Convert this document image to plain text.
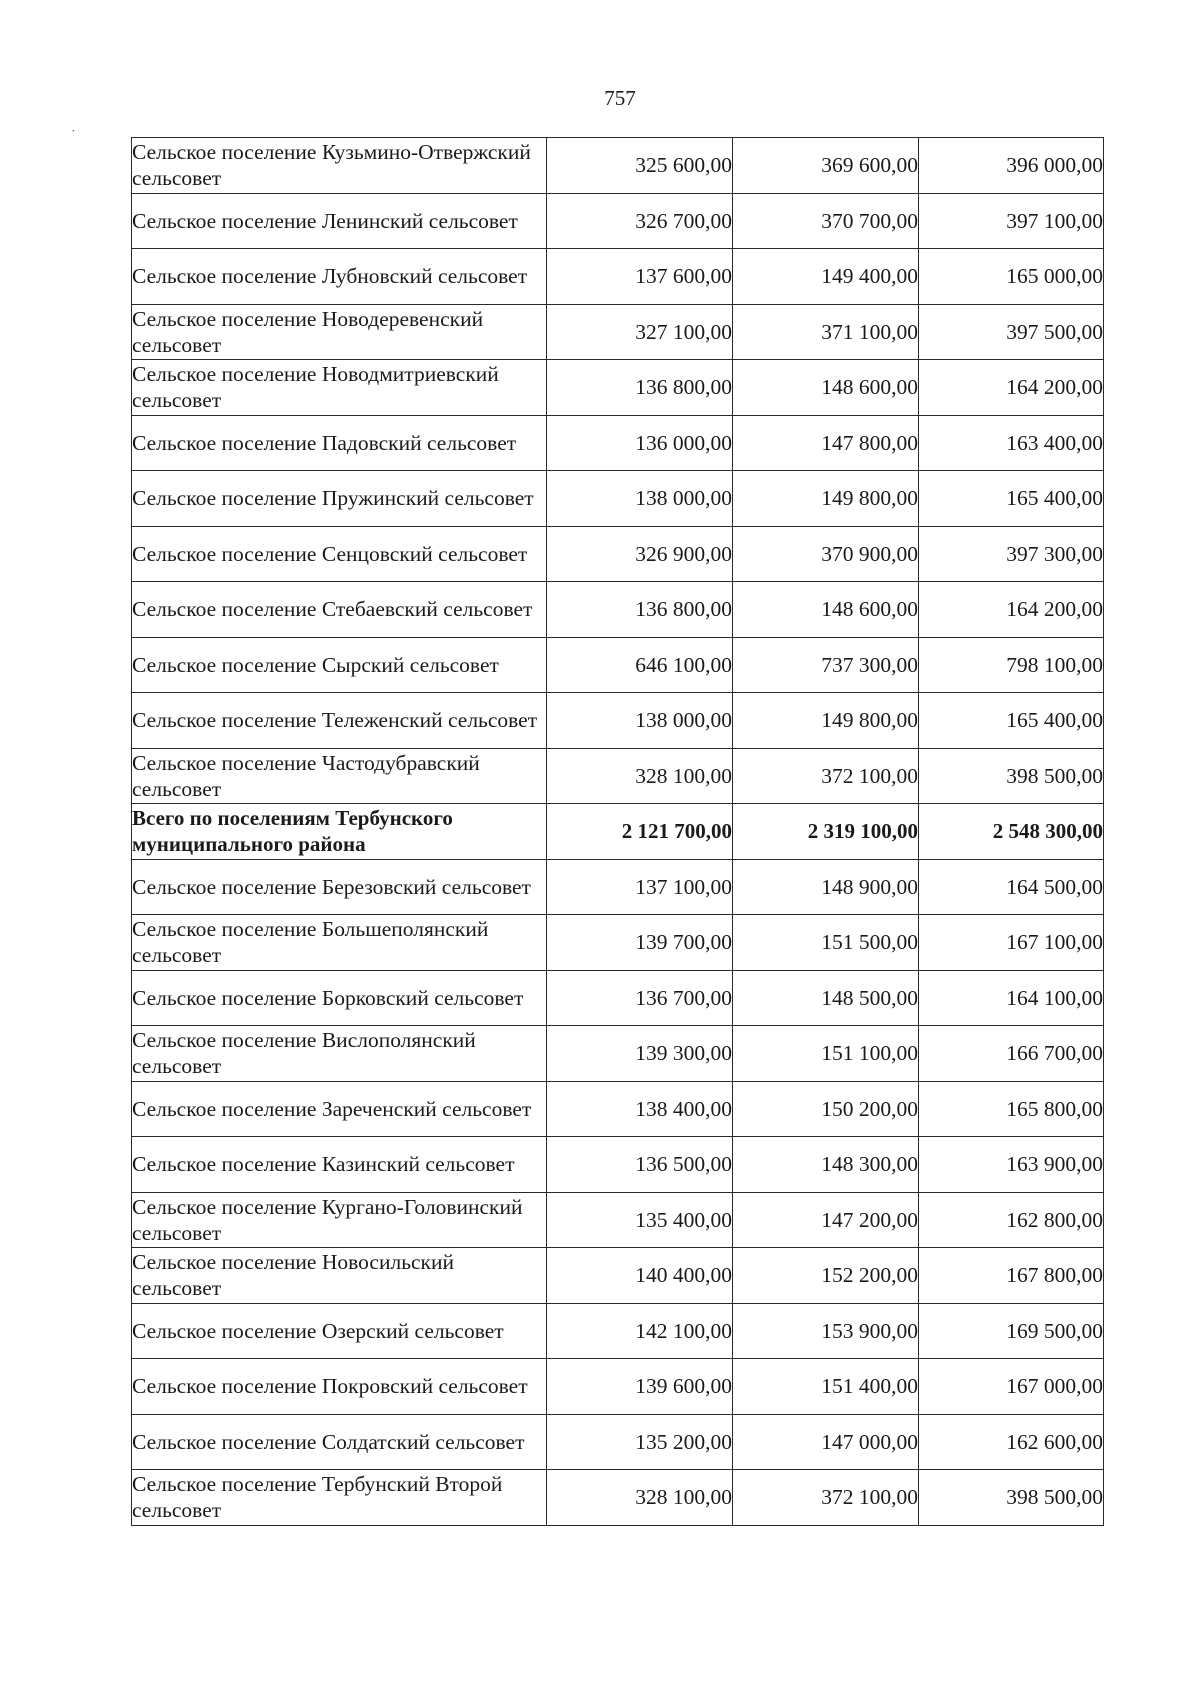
757
˙
Сельское поселение Кузьмино-Отвержский сельсовет	325 600,00	369 600,00	396 000,00
Сельское поселение Ленинский сельсовет	326 700,00	370 700,00	397 100,00
Сельское поселение Лубновский сельсовет	137 600,00	149 400,00	165 000,00
Сельское поселение Новодеревенский сельсовет	327 100,00	371 100,00	397 500,00
Сельское поселение Новодмитриевский сельсовет	136 800,00	148 600,00	164 200,00
Сельское поселение Падовский сельсовет	136 000,00	147 800,00	163 400,00
Сельское поселение Пружинский сельсовет	138 000,00	149 800,00	165 400,00
Сельское поселение Сенцовский сельсовет	326 900,00	370 900,00	397 300,00
Сельское поселение Стебаевский сельсовет	136 800,00	148 600,00	164 200,00
Сельское поселение Сырский сельсовет	646 100,00	737 300,00	798 100,00
Сельское поселение Тележенский сельсовет	138 000,00	149 800,00	165 400,00
Сельское поселение Частодубравский сельсовет	328 100,00	372 100,00	398 500,00
Всего по поселениям Тербунского муниципального района	2 121 700,00	2 319 100,00	2 548 300,00
Сельское поселение Березовский сельсовет	137 100,00	148 900,00	164 500,00
Сельское поселение Большеполянский сельсовет	139 700,00	151 500,00	167 100,00
Сельское поселение Борковский сельсовет	136 700,00	148 500,00	164 100,00
Сельское поселение Вислополянский сельсовет	139 300,00	151 100,00	166 700,00
Сельское поселение Зареченский сельсовет	138 400,00	150 200,00	165 800,00
Сельское поселение Казинский сельсовет	136 500,00	148 300,00	163 900,00
Сельское поселение Кургано-Головинский сельсовет	135 400,00	147 200,00	162 800,00
Сельское поселение Новосильский сельсовет	140 400,00	152 200,00	167 800,00
Сельское поселение Озерский сельсовет	142 100,00	153 900,00	169 500,00
Сельское поселение Покровский сельсовет	139 600,00	151 400,00	167 000,00
Сельское поселение Солдатский сельсовет	135 200,00	147 000,00	162 600,00
Сельское поселение Тербунский Второй сельсовет	328 100,00	372 100,00	398 500,00
